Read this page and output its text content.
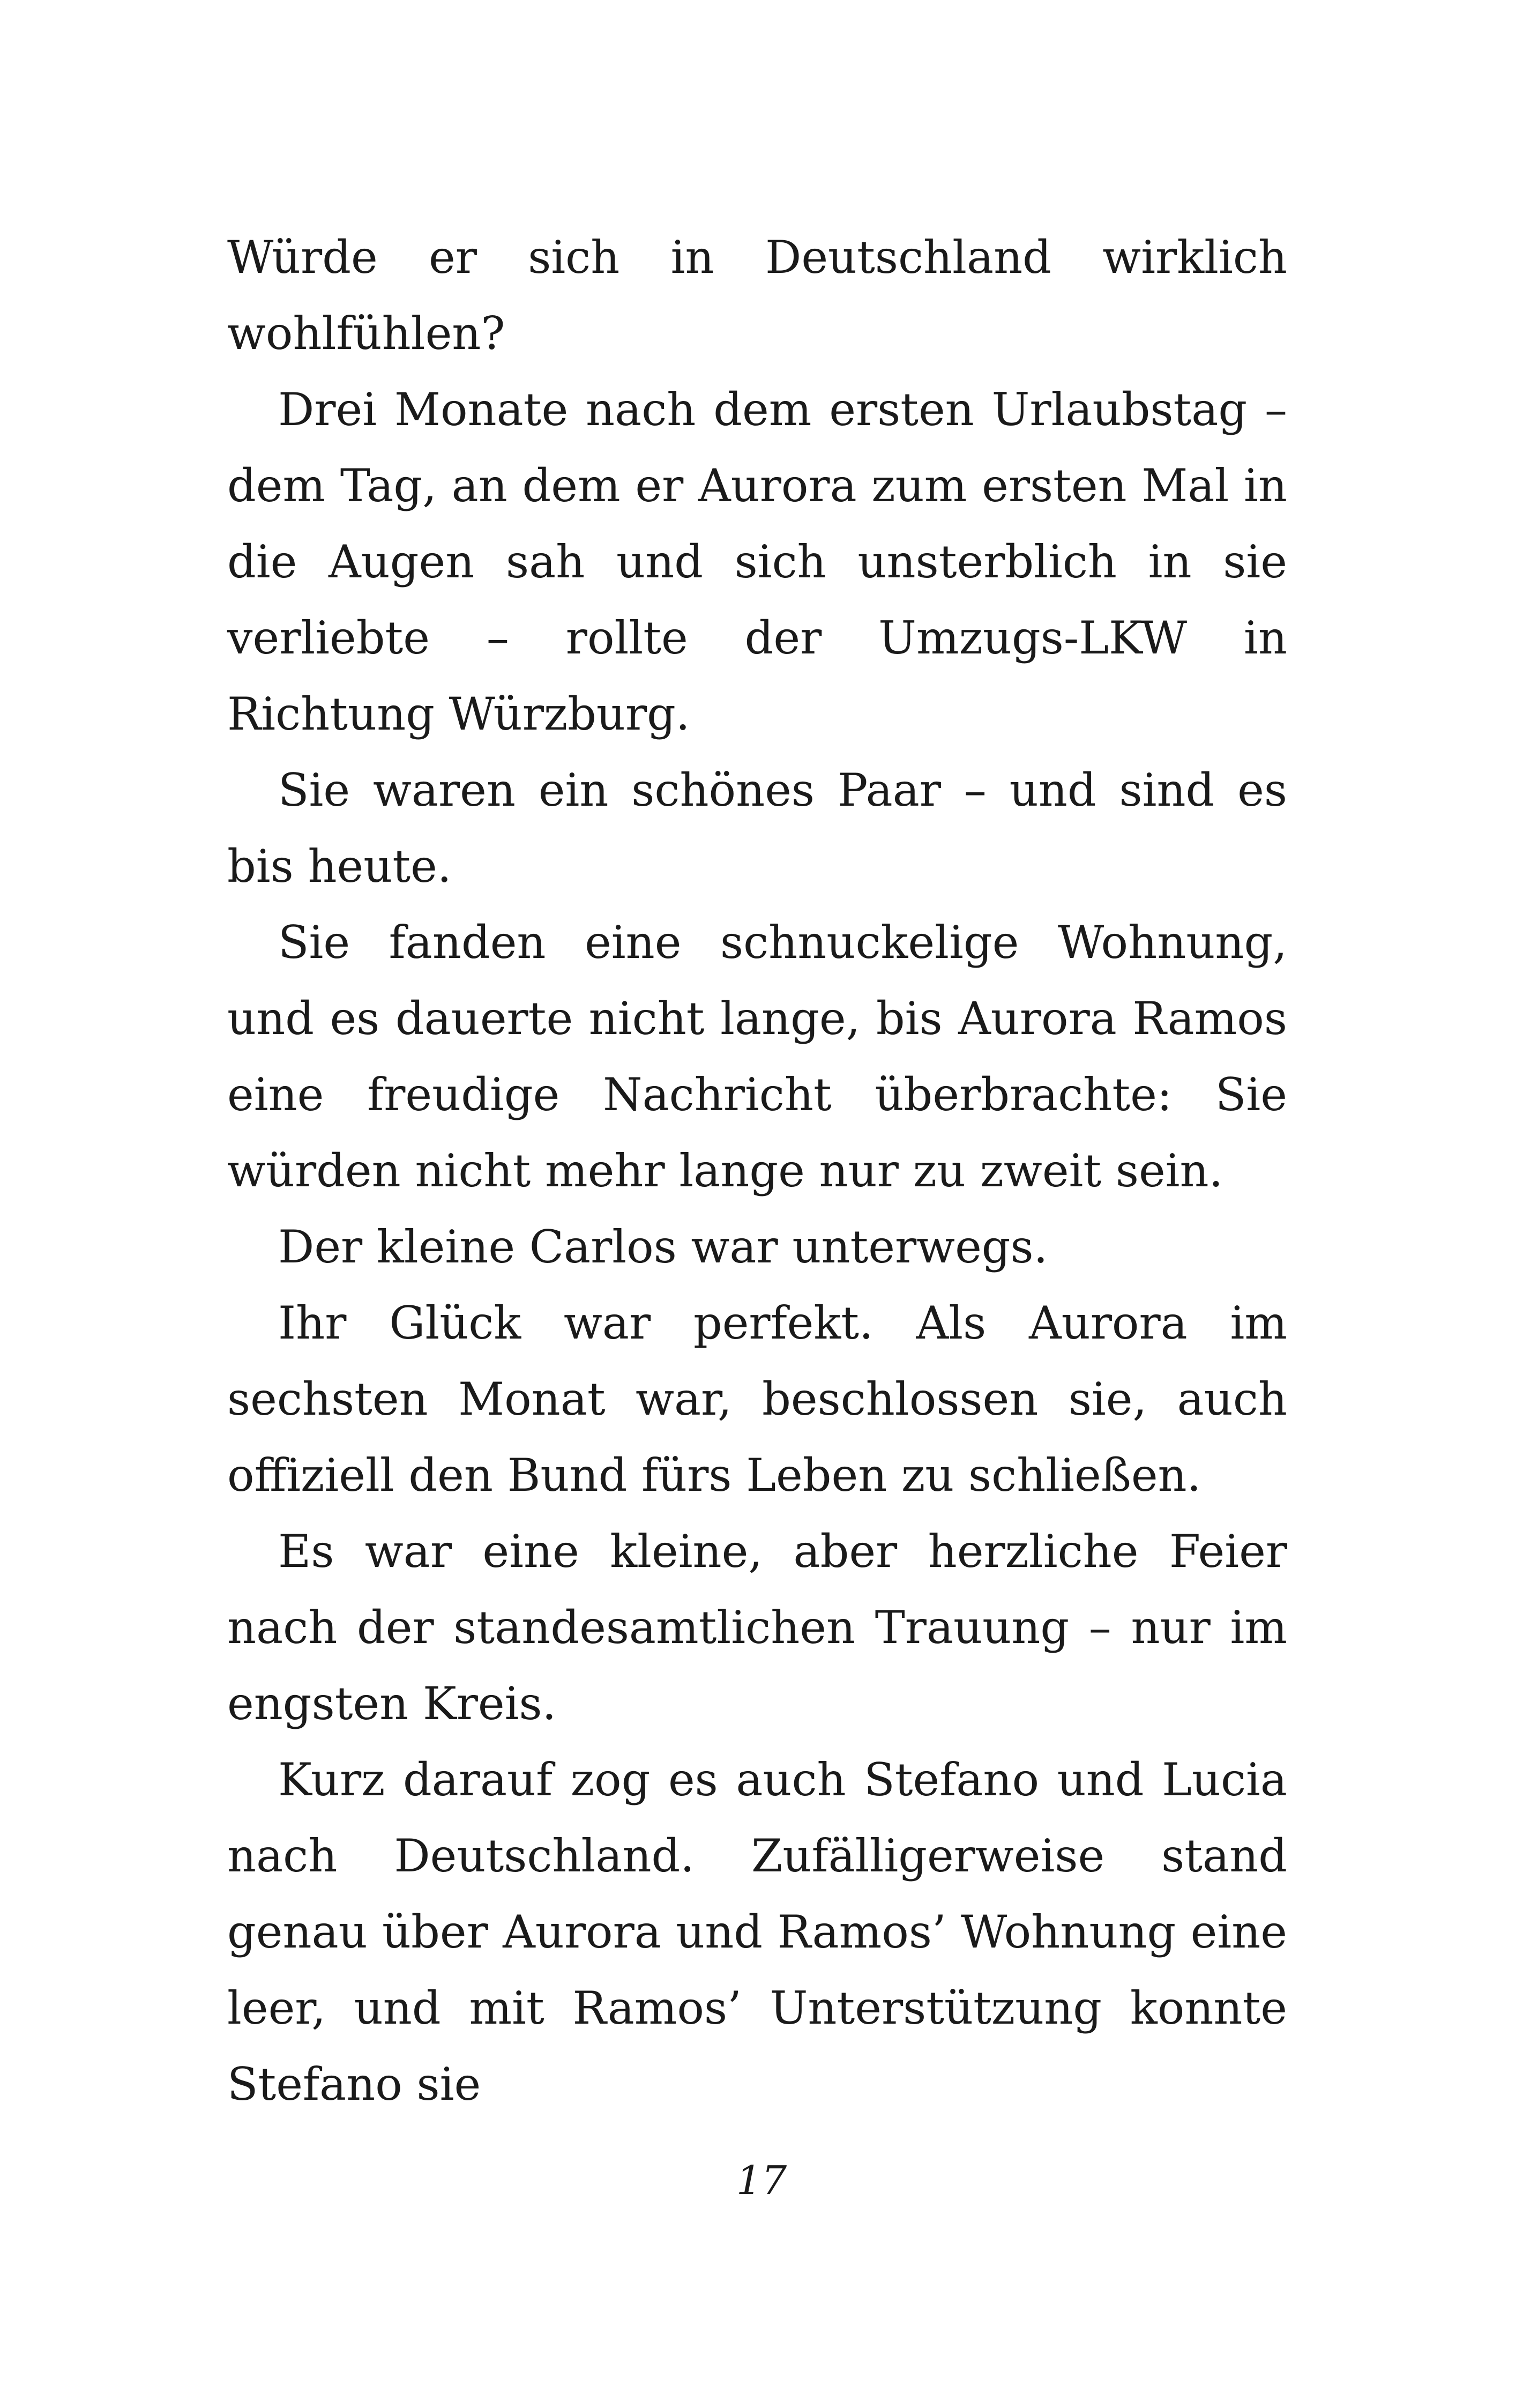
Würde er sich in Deutschland wirklich wohlfühlen?

Drei Monate nach dem ersten Urlaubstag – dem Tag, an dem er Aurora zum ersten Mal in die Augen sah und sich unsterblich in sie verliebte – rollte der Umzugs-LKW in Richtung Würzburg.

Sie waren ein schönes Paar – und sind es bis heute.

Sie fanden eine schnuckelige Wohnung, und es dauerte nicht lange, bis Aurora Ramos eine freudige Nachricht überbrachte: Sie würden nicht mehr lange nur zu zweit sein.

Der kleine Carlos war unterwegs.

Ihr Glück war perfekt. Als Aurora im sechsten Monat war, beschlossen sie, auch offiziell den Bund fürs Leben zu schließen.

Es war eine kleine, aber herzliche Feier nach der standesamtlichen Trauung – nur im engsten Kreis.

Kurz darauf zog es auch Stefano und Lucia nach Deutschland. Zufälligerweise stand genau über Aurora und Ramos’ Wohnung eine leer, und mit Ramos’ Unterstützung konnte Stefano sie

17
